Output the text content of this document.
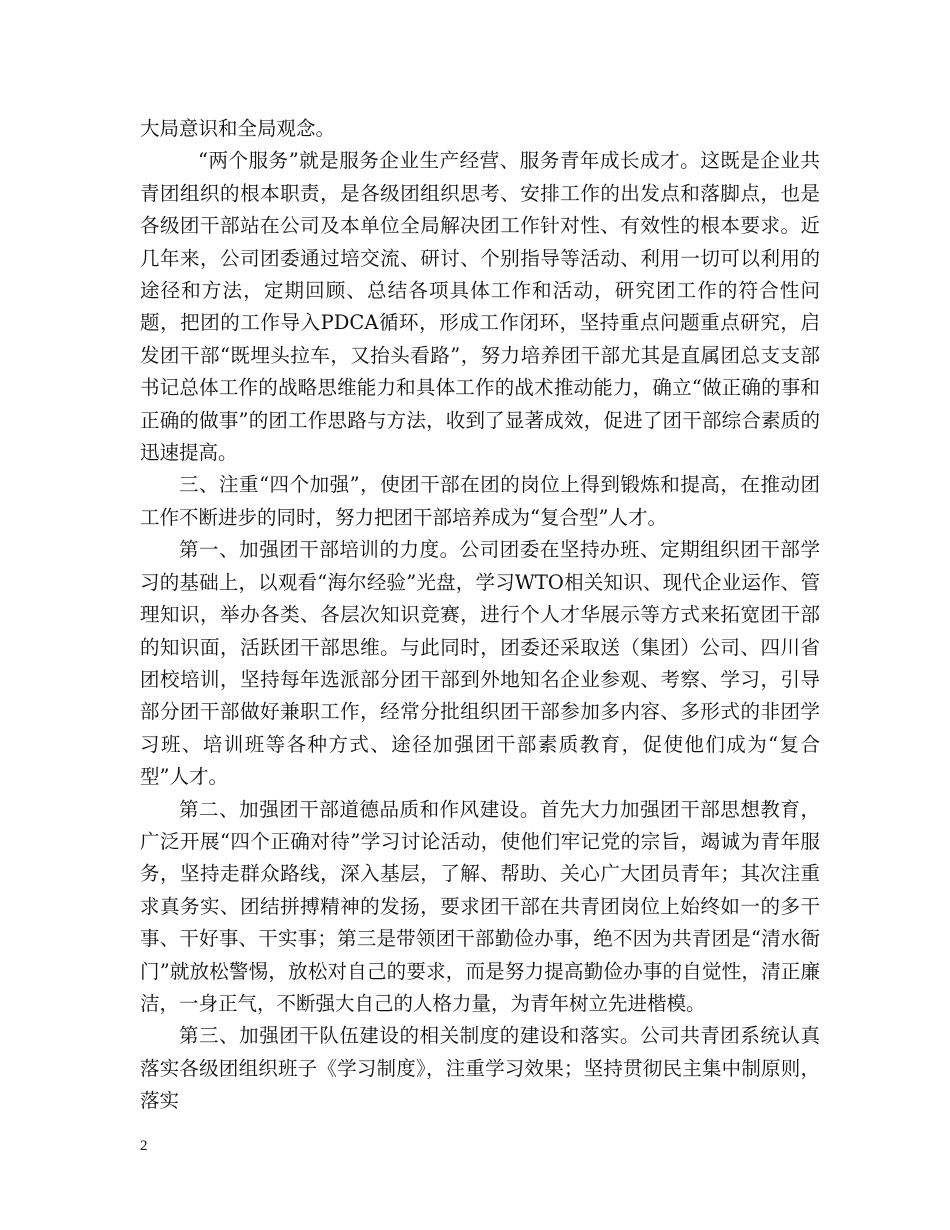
大局意识和全局观念。

“两个服务”就是服务企业生产经营、服务青年成长成才。这既是企业共青团组织的根本职责，是各级团组织思考、安排工作的出发点和落脚点，也是各级团干部站在公司及本单位全局解决团工作针对性、有效性的根本要求。近几年来，公司团委通过培交流、研讨、个别指导等活动、利用一切可以利用的途径和方法，定期回顾、总结各项具体工作和活动，研究团工作的符合性问题，把团的工作导入PDCA循环，形成工作闭环，坚持重点问题重点研究，启发团干部“既埋头拉车，又抬头看路”，努力培养团干部尤其是直属团总支支部书记总体工作的战略思维能力和具体工作的战术推动能力，确立“做正确的事和正确的做事”的团工作思路与方法，收到了显著成效，促进了团干部综合素质的迅速提高。

三、注重“四个加强”，使团干部在团的岗位上得到锻炼和提高，在推动团工作不断进步的同时，努力把团干部培养成为“复合型”人才。

第一、加强团干部培训的力度。公司团委在坚持办班、定期组织团干部学习的基础上，以观看“海尔经验”光盘，学习WTO相关知识、现代企业运作、管理知识，举办各类、各层次知识竞赛，进行个人才华展示等方式来拓宽团干部的知识面，活跃团干部思维。与此同时，团委还采取送（集团）公司、四川省团校培训，坚持每年选派部分团干部到外地知名企业参观、考察、学习，引导部分团干部做好兼职工作，经常分批组织团干部参加多内容、多形式的非团学习班、培训班等各种方式、途径加强团干部素质教育，促使他们成为“复合型”人才。

第二、加强团干部道德品质和作风建设。首先大力加强团干部思想教育，广泛开展“四个正确对待”学习讨论活动，使他们牢记党的宗旨，竭诚为青年服务，坚持走群众路线，深入基层，了解、帮助、关心广大团员青年；其次注重求真务实、团结拼搏精神的发扬，要求团干部在共青团岗位上始终如一的多干事、干好事、干实事；第三是带领团干部勤俭办事，绝不因为共青团是“清水衙门”就放松警惕，放松对自己的要求，而是努力提高勤俭办事的自觉性，清正廉洁，一身正气，不断强大自己的人格力量，为青年树立先进楷模。

第三、加强团干队伍建设的相关制度的建设和落实。公司共青团系统认真落实各级团组织班子《学习制度》，注重学习效果；坚持贯彻民主集中制原则，落实

2
